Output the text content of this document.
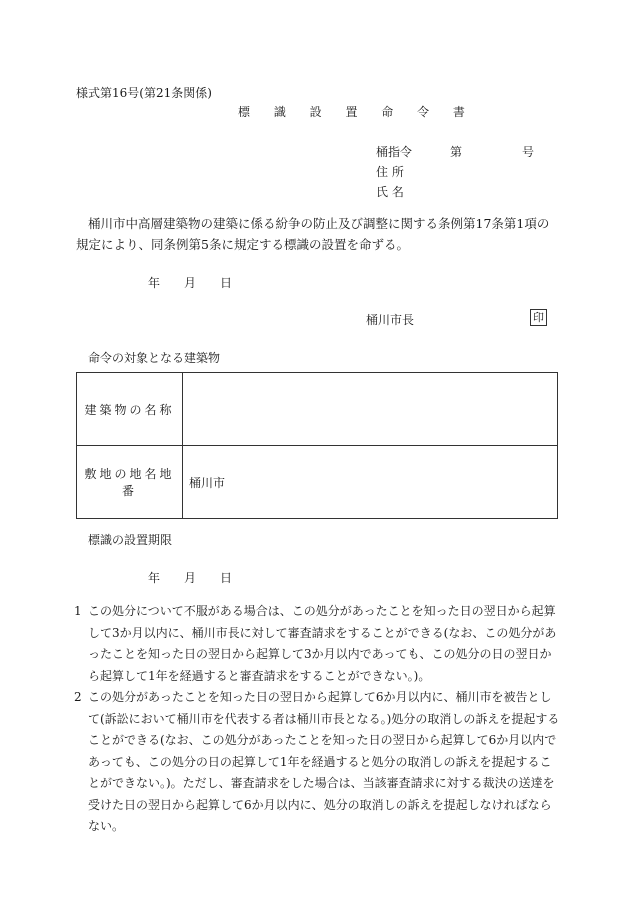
様式第16号(第21条関係)
標 識 設 置 命 令 書
桶指令	第	号
住 所
氏 名
桶川市中高層建築物の建築に係る紛争の防止及び調整に関する条例第17条第1項の規定により、同条例第5条に規定する標識の設置を命ずる。
年 月 日
桶川市長	印
命令の対象となる建築物
建築物の名称	
敷地の地名地番	桶川市
標識の設置期限
年 月 日
1 この処分について不服がある場合は、この処分があったことを知った日の翌日から起算して3か月以内に、桶川市長に対して審査請求をすることができる(なお、この処分があったことを知った日の翌日から起算して3か月以内であっても、この処分の日の翌日から起算して1年を経過すると審査請求をすることができない。)。
2 この処分があったことを知った日の翌日から起算して6か月以内に、桶川市を被告として(訴訟において桶川市を代表する者は桶川市長となる。)処分の取消しの訴えを提起することができる(なお、この処分があったことを知った日の翌日から起算して6か月以内であっても、この処分の日の起算して1年を経過すると処分の取消しの訴えを提起することができない。)。ただし、審査請求をした場合は、当該審査請求に対する裁決の送達を受けた日の翌日から起算して6か月以内に、処分の取消しの訴えを提起しなければならない。
